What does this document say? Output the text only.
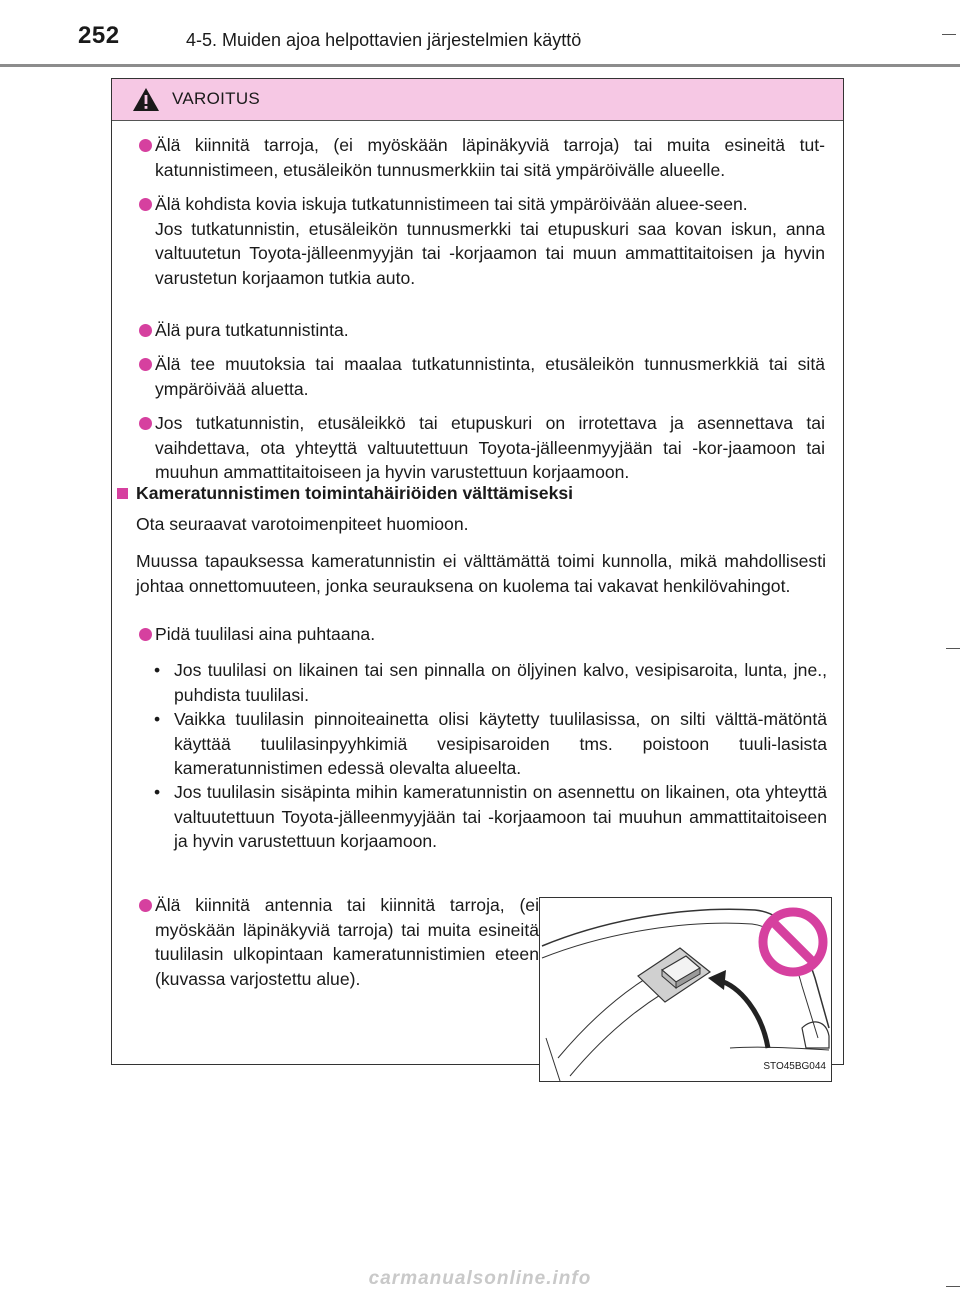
252	4-5. Muiden ajoa helpottavien järjestelmien käyttö
VAROITUS
Älä kiinnitä tarroja, (ei myöskään läpinäkyviä tarroja) tai muita esineitä tut-katunnistimeen, etusäleikön tunnusmerkkiin tai sitä ympäröivälle alueelle.
Älä kohdista kovia iskuja tutkatunnistimeen tai sitä ympäröivään aluee-seen.
Jos tutkatunnistin, etusäleikön tunnusmerkki tai etupuskuri saa kovan iskun, anna valtuutetun Toyota-jälleenmyyjän tai -korjaamon tai muun ammattitaitoisen ja hyvin varustetun korjaamon tutkia auto.
Älä pura tutkatunnistinta.
Älä tee muutoksia tai maalaa tutkatunnistinta, etusäleikön tunnusmerkkiä tai sitä ympäröivää aluetta.
Jos tutkatunnistin, etusäleikkö tai etupuskuri on irrotettava ja asennettava tai vaihdettava, ota yhteyttä valtuutettuun Toyota-jälleenmyyjään tai -kor-jaamoon tai muuhun ammattitaitoiseen ja hyvin varustettuun korjaamoon.
Kameratunnistimen toimintahäiriöiden välttämiseksi
Ota seuraavat varotoimenpiteet huomioon.
Muussa tapauksessa kameratunnistin ei välttämättä toimi kunnolla, mikä mahdollisesti johtaa onnettomuuteen, jonka seurauksena on kuolema tai vakavat henkilövahingot.
Pidä tuulilasi aina puhtaana.
• Jos tuulilasi on likainen tai sen pinnalla on öljyinen kalvo, vesipisaroita, lunta, jne., puhdista tuulilasi.
• Vaikka tuulilasin pinnoiteainetta olisi käytetty tuulilasissa, on silti välttä-mätöntä käyttää tuulilasinpyyhkimiä vesipisaroiden tms. poistoon tuuli-lasista kameratunnistimen edessä olevalta alueelta.
• Jos tuulilasin sisäpinta mihin kameratunnistin on asennettu on likainen, ota yhteyttä valtuutettuun Toyota-jälleenmyyjään tai -korjaamoon tai muuhun ammattitaitoiseen ja hyvin varustettuun korjaamoon.
Älä kiinnitä antennia tai kiinnitä tarroja, (ei myöskään läpinäkyviä tarroja) tai muita esineitä tuulilasin ulkopintaan kameratunnistimien eteen (kuvassa varjostettu alue).
STO45BG044
carmanualsonline.info
